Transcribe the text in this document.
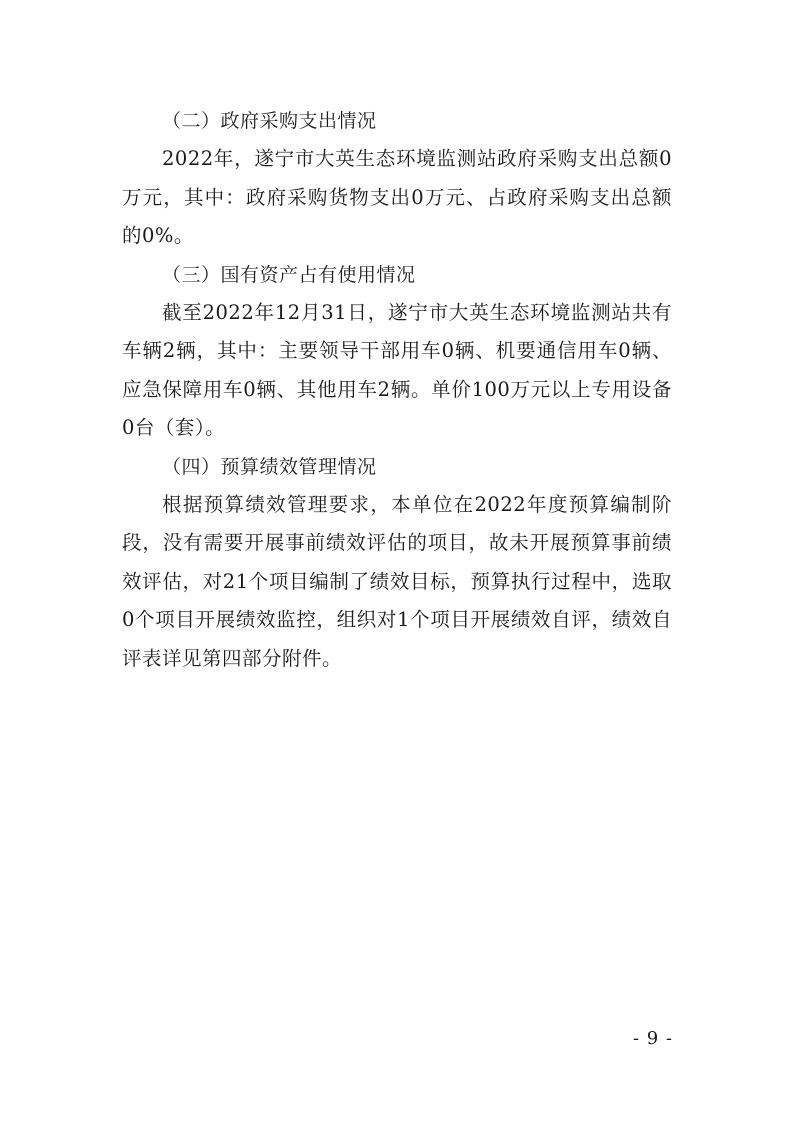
（二）政府采购支出情况

2022年，遂宁市大英生态环境监测站政府采购支出总额0万元，其中：政府采购货物支出0万元、占政府采购支出总额的0%。

（三）国有资产占有使用情况

截至2022年12月31日，遂宁市大英生态环境监测站共有车辆2辆，其中：主要领导干部用车0辆、机要通信用车0辆、应急保障用车0辆、其他用车2辆。单价100万元以上专用设备0台（套）。

（四）预算绩效管理情况

根据预算绩效管理要求，本单位在2022年度预算编制阶段，没有需要开展事前绩效评估的项目，故未开展预算事前绩效评估，对21个项目编制了绩效目标，预算执行过程中，选取0个项目开展绩效监控，组织对1个项目开展绩效自评，绩效自评表详见第四部分附件。

- 9 -
